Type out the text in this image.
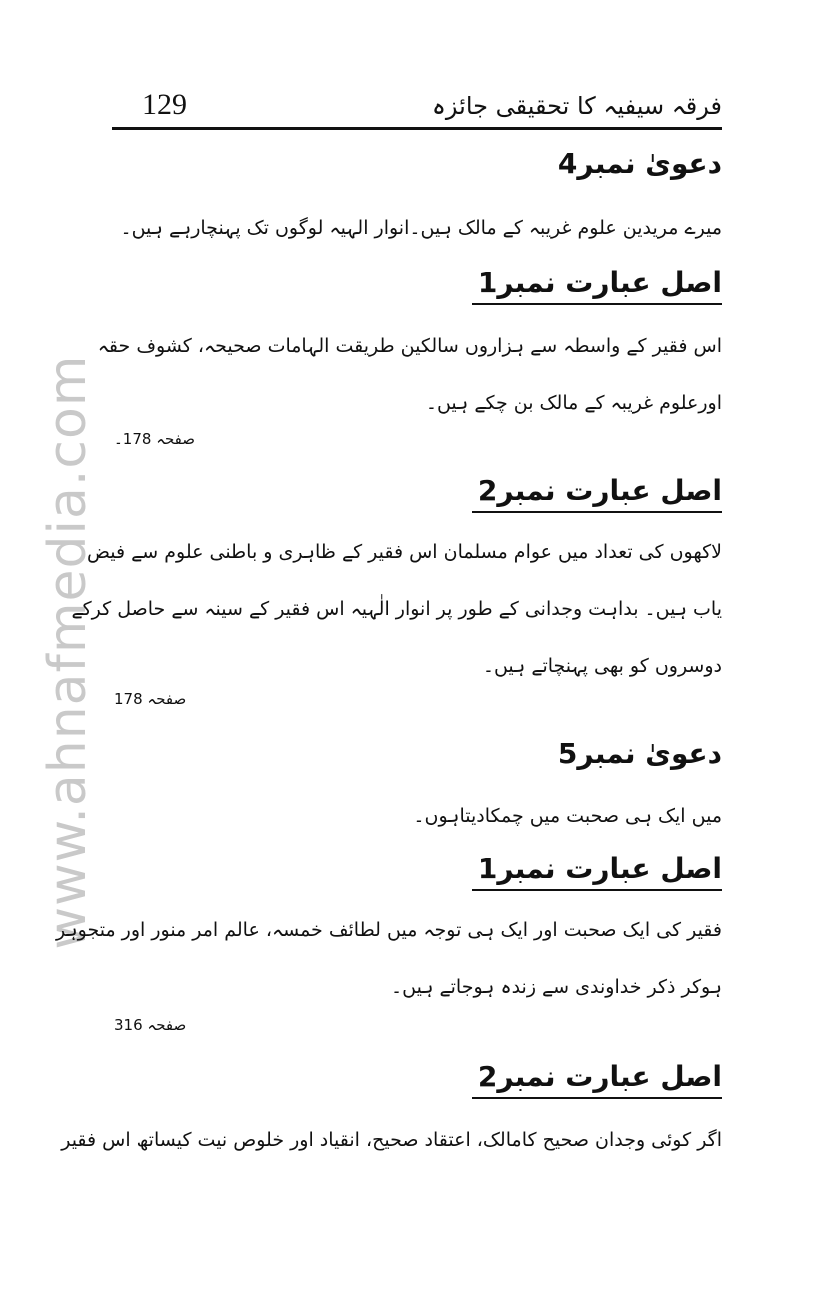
www.ahnafmedia.com
129	فرقہ سیفیہ کا تحقیقی جائزہ
دعویٰ نمبر4
میرے مریدین علوم غریبہ کے مالک ہیں۔انوار الہیہ لوگوں تک پہنچارہے ہیں۔
اصل عبارت نمبر1
اس فقیر کے واسطہ سے ہزاروں سالکین طریقت الہامات صحیحہ، کشوف حقہ
اورعلوم غریبہ کے مالک بن چکے ہیں۔
صفحہ 178۔
اصل عبارت نمبر2
لاکھوں کی تعداد میں عوام مسلمان اس فقیر کے ظاہری و باطنی علوم سے فیض
یاب ہیں۔ بداہت وجدانی کے طور پر انوار الٰہیہ اس فقیر کے سینہ سے حاصل کرکے
دوسروں کو بھی پہنچاتے ہیں۔
صفحہ 178
دعویٰ نمبر5
میں ایک ہی صحبت میں چمکادیتاہوں۔
اصل عبارت نمبر1
فقیر کی ایک صحبت اور ایک ہی توجہ میں لطائف خمسہ، عالم امر منور اور متجوہر
ہوکر ذکر خداوندی سے زندہ ہوجاتے ہیں۔
صفحہ 316
اصل عبارت نمبر2
اگر کوئی وجدان صحیح کامالک، اعتقاد صحیح، انقیاد اور خلوص نیت کیساتھ اس فقیر
